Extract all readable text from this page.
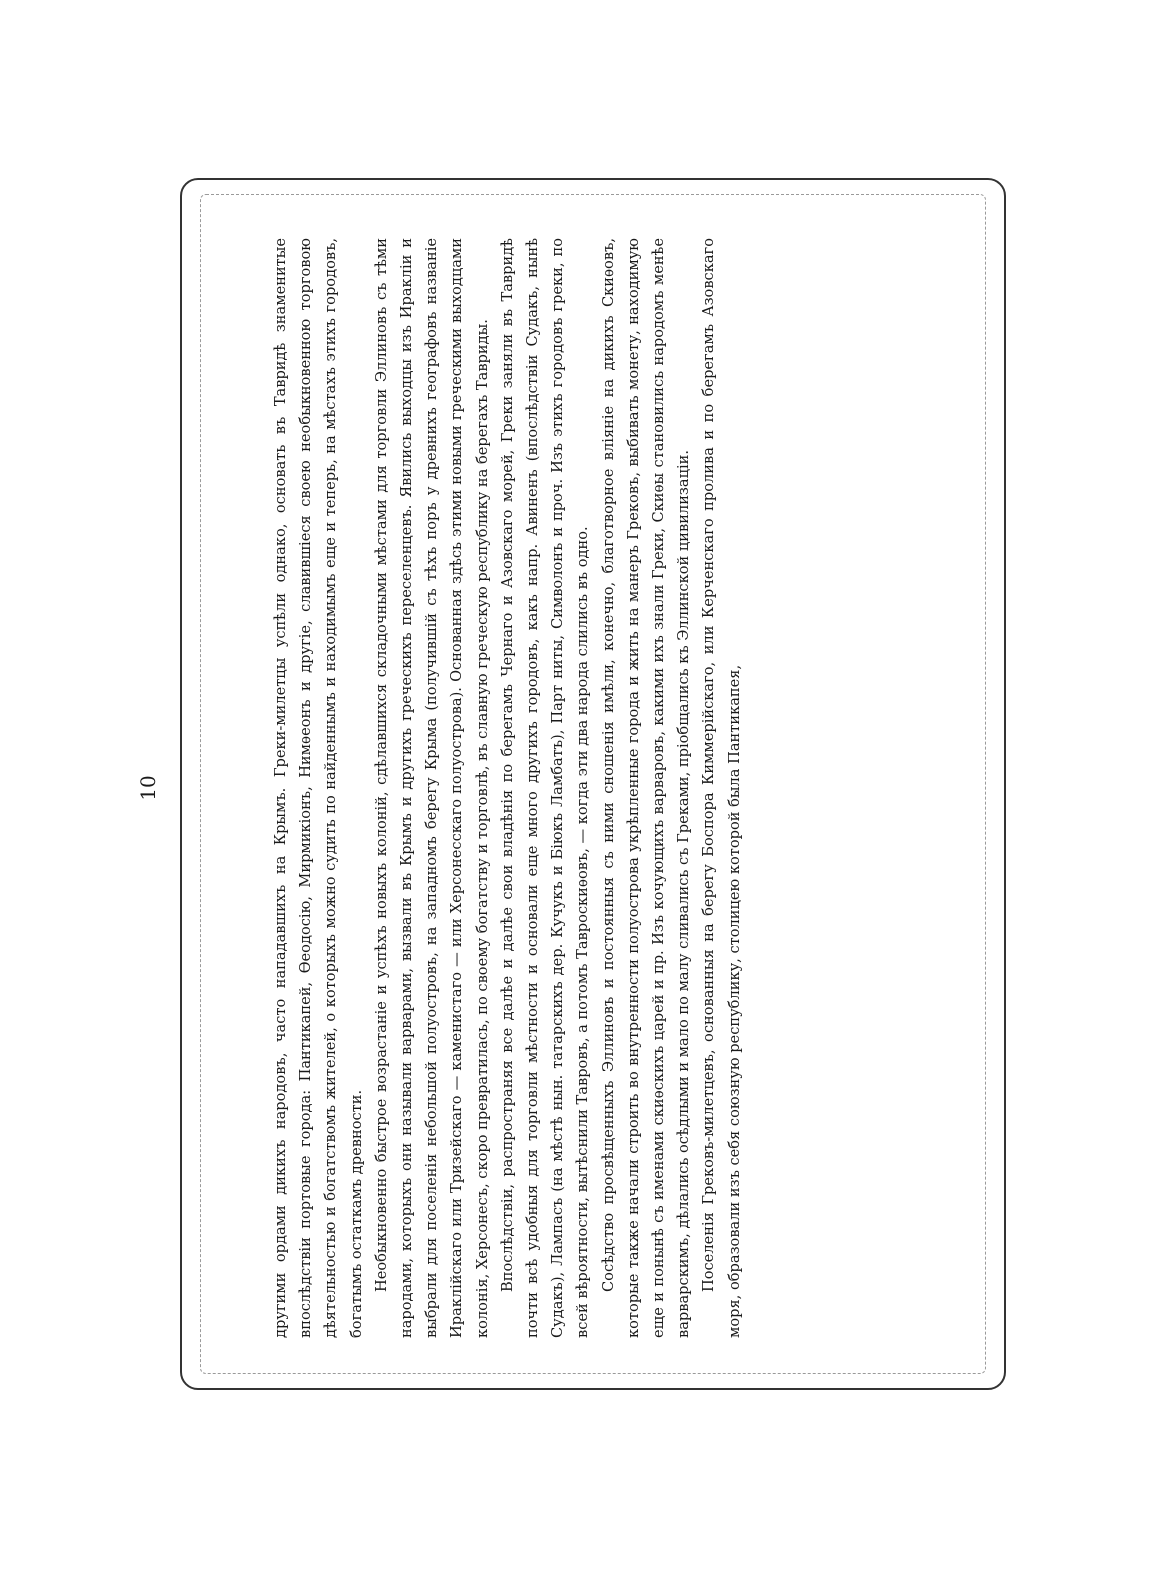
10	другими ордами дикихъ народовъ, часто нападавшихъ на Крымъ. Греки-милетцы успѣли однако, основать въ Тавридѣ знаменитые впослѣдствіи портовые города: Пантикапей, Ѳеодосію, Мирмикіонъ, Нимѳеонъ и другіе, славившіеся своею необыкновенною торговою дѣятельностью и богатствомъ жителей, о которыхъ можно судить по найденнымъ и находимымъ еще и теперь, на мѣстахъ этихъ городовъ, богатымъ остаткамъ древности. Необыкновенно быстрое возрастаніе и успѣхъ новыхъ колоній, сдѣлавшихся складочными мѣстами для торговли Эллиновъ съ тѣми народами, которыхъ они называли варварами, вызвали въ Крымъ и другихъ греческихъ переселенцевъ. Явились выходцы изъ Иракліи и выбрали для поселенія небольшой полуостровъ, на западномъ берегу Крыма (получившій съ тѣхъ поръ у древнихъ географовъ названіе Ираклійскаго или Тризейскаго — каменистаго — или Херсонесскаго полуострова). Основанная здѣсь этими новыми греческими выходцами колонія, Херсонесъ, скоро превратилась, по своему богатству и торговлѣ, въ славную греческую республику на берегахъ Тавриды. Впослѣдствіи, распространяя все далѣе и далѣе свои владѣнія по берегамъ Чернаго и Азовскаго морей, Греки заняли въ Тавридѣ почти всѣ удобныя для торговли мѣстности и основали еще много другихъ городовъ, какъ напр. Авиненъ (впослѣдствіи Судакъ, нынѣ Судакъ), Лампасъ (на мѣстѣ нын. татарскихъ дер. Кучукъ и Біюкъ Ламбатъ), Парт ниты, Символонъ и проч. Изъ этихъ городовъ греки, по всей вѣроятности, вытѣснили Тавровъ, а потомъ Тавроскиѳовъ, — когда эти два народа слились въ одно. Сосѣдство просвѣщенныхъ Эллиновъ и постоянныя съ ними сношенія имѣли, конечно, благотворное вліяніе на дикихъ Скиѳовъ, которые также начали строить во внутренности полуострова укрѣпленные города и жить на манеръ Грековъ, выбивать монету, находимую еще и понынѣ съ именами скиѳскихъ царей и пр. Изъ кочующихъ варваровъ, какими ихъ знали Греки, Скиѳы становились народомъ менѣе варварскимъ, дѣлались осѣдлыми и мало по малу сливались съ Греками, пріобщались къ Эллинской цивилизаціи. Поселенія Грековъ-милетцевъ, основанныя на берегу Боспора Киммерійскаго, или Керченскаго пролива и по берегамъ Азовскаго моря, образовали изъ себя союзную республику, столицею которой была Пантикапея,
